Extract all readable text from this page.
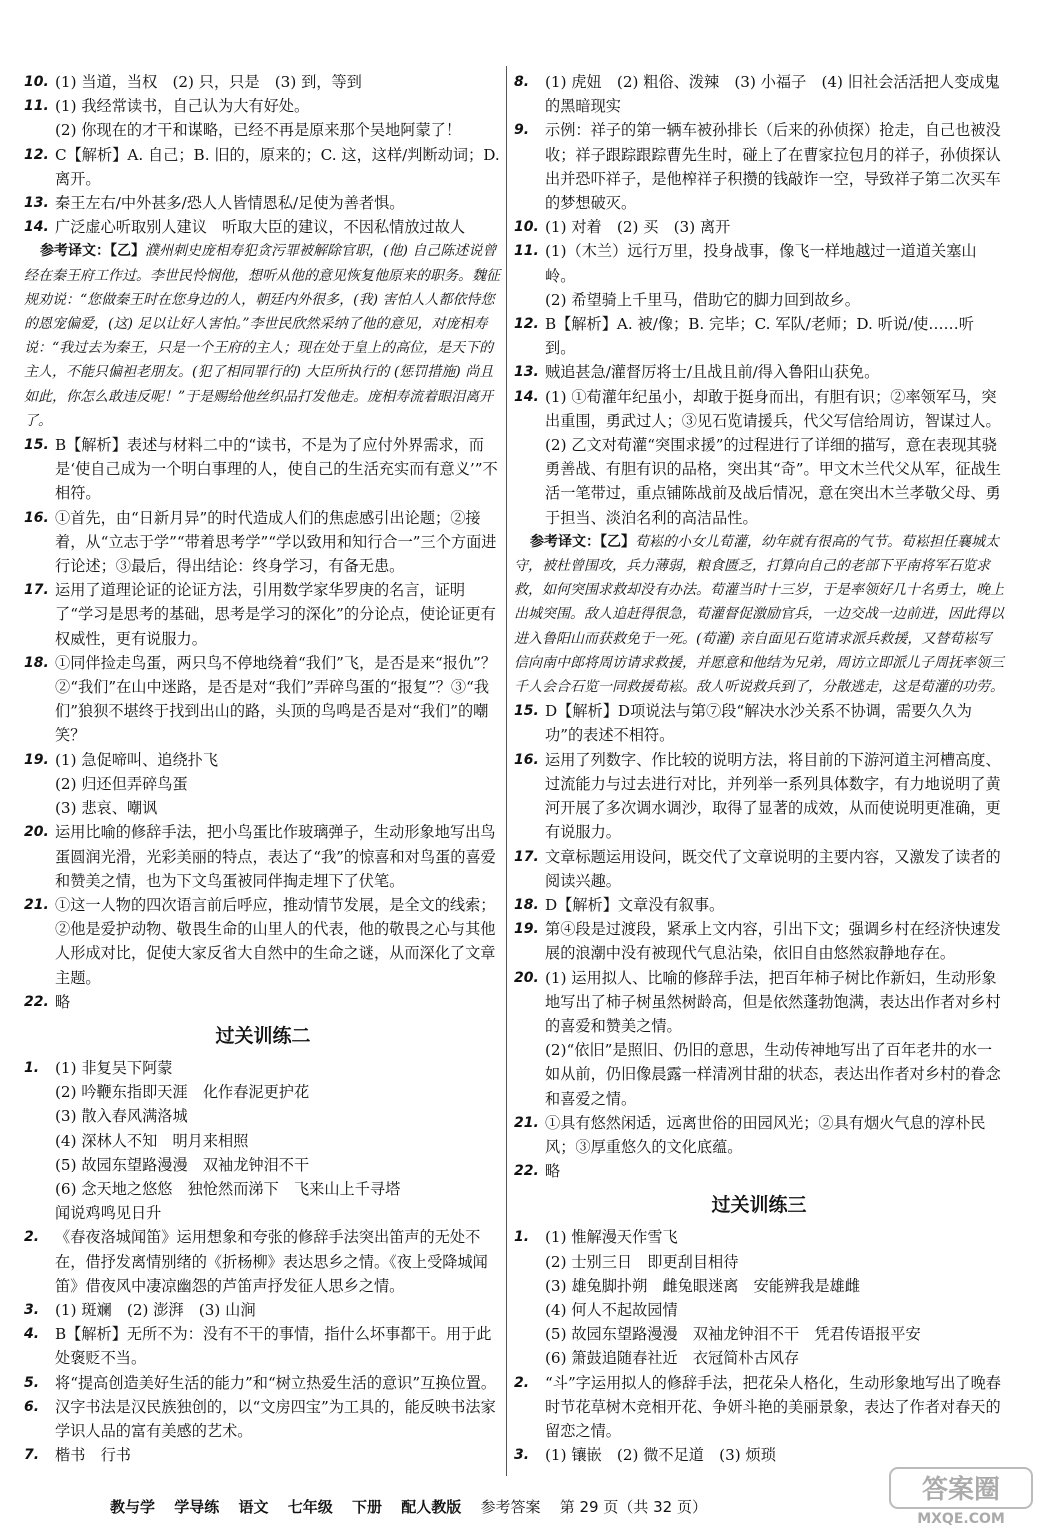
10. (1) 当道，当权　(2) 只，只是　(3) 到，等到
11. (1) 我经常读书，自己认为大有好处。
(2) 你现在的才干和谋略，已经不再是原来那个吴地阿蒙了！
12. C【解析】A. 自己；B. 旧的，原来的；C. 这，这样/判断动词；D. 离开。
13. 秦王左右/中外甚多/恐人人皆情恩私/足使为善者惧。
14. 广泛虚心听取别人建议　听取大臣的建议，不因私情放过故人
参考译文：【乙】濮州刺史庞相寿犯贪污罪被解除官职，(他) 自己陈述说曾经在秦王府工作过。李世民怜悯他，想听从他的意见恢复他原来的职务。魏征规劝说：“您做秦王时在您身边的人，朝廷内外很多，(我) 害怕人人都依恃您的恩宠偏爱，(这) 足以让好人害怕。”李世民欣然采纳了他的意见，对庞相寿说：“我过去为秦王，只是一个王府的主人；现在处于皇上的高位，是天下的主人，不能只偏袒老朋友。(犯了相同罪行的) 大臣所执行的 (惩罚措施) 尚且如此，你怎么敢违反呢！”于是赐给他丝织品打发他走。庞相寿流着眼泪离开了。
15. B【解析】表述与材料二中的“读书，不是为了应付外界需求，而是‘使自己成为一个明白事理的人，使自己的生活充实而有意义’”不相符。
16. ①首先，由“日新月异”的时代造成人们的焦虑感引出论题；②接着，从“立志于学”“带着思考学”“学以致用和知行合一”三个方面进行论述；③最后，得出结论：终身学习，有备无患。
17. 运用了道理论证的论证方法，引用数学家华罗庚的名言，证明了“学习是思考的基础，思考是学习的深化”的分论点，使论证更有权威性，更有说服力。
18. ①同伴捡走鸟蛋，两只鸟不停地绕着“我们”飞，是否是来“报仇”？②“我们”在山中迷路，是否是对“我们”弄碎鸟蛋的“报复”？③“我们”狼狈不堪终于找到出山的路，头顶的鸟鸣是否是对“我们”的嘲笑？
19. (1) 急促啼叫、追绕扑飞
(2) 归还但弄碎鸟蛋
(3) 悲哀、嘲讽
20. 运用比喻的修辞手法，把小鸟蛋比作玻璃弹子，生动形象地写出鸟蛋圆润光滑，光彩美丽的特点，表达了“我”的惊喜和对鸟蛋的喜爱和赞美之情，也为下文鸟蛋被同伴掏走埋下了伏笔。
21. ①这一人物的四次语言前后呼应，推动情节发展，是全文的线索；②他是爱护动物、敬畏生命的山里人的代表，他的敬畏之心与其他人形成对比，促使大家反省大自然中的生命之谜，从而深化了文章主题。
22. 略
过关训练二
1.	(1) 非复吴下阿蒙
(2) 吟鞭东指即天涯　化作春泥更护花
(3) 散入春风满洛城
(4) 深林人不知　明月来相照
(5) 故园东望路漫漫　双袖龙钟泪不干
(6) 念天地之悠悠　独怆然而涕下　飞来山上千寻塔
闻说鸡鸣见日升
2.	《春夜洛城闻笛》运用想象和夸张的修辞手法突出笛声的无处不在，借抒发离情别绪的《折杨柳》表达思乡之情。《夜上受降城闻笛》借夜风中凄凉幽怨的芦笛声抒发征人思乡之情。
3.	(1) 斑斓　(2) 澎湃　(3) 山涧
4.	B【解析】无所不为：没有不干的事情，指什么坏事都干。用于此处褒贬不当。
5.	将“提高创造美好生活的能力”和“树立热爱生活的意识”互换位置。
6.	汉字书法是汉民族独创的，以“文房四宝”为工具的，能反映书法家学识人品的富有美感的艺术。
7.	楷书　行书
8.	(1) 虎妞　(2) 粗俗、泼辣　(3) 小福子　(4) 旧社会活活把人变成鬼的黑暗现实
9.	示例：祥子的第一辆车被孙排长（后来的孙侦探）抢走，自己也被没收；祥子跟踪跟踪曹先生时，碰上了在曹家拉包月的祥子，孙侦探认出并恐吓祥子，是他榨祥子积攒的钱敲诈一空，导致祥子第二次买车的梦想破灭。
10. (1) 对着　(2) 买　(3) 离开
11. (1)（木兰）远行万里，投身战事，像飞一样地越过一道道关塞山岭。
(2) 希望骑上千里马，借助它的脚力回到故乡。
12. B【解析】A. 被/像；B. 完毕；C. 军队/老师；D. 听说/使……听到。
13. 贼追甚急/灌督厉将士/且战且前/得入鲁阳山获免。
14. (1) ①荀灌年纪虽小，却敢于挺身而出，有胆有识；②率领军马，突出重围，勇武过人；③见石览请援兵，代父写信给周访，智谋过人。
(2) 乙文对荀灌“突围求援”的过程进行了详细的描写，意在表现其骁勇善战、有胆有识的品格，突出其“奇”。甲文木兰代父从军，征战生活一笔带过，重点铺陈战前及战后情况，意在突出木兰孝敬父母、勇于担当、淡泊名利的高洁品性。
参考译文：【乙】荀崧的小女儿荀灌，幼年就有很高的气节。荀崧担任襄城太守，被杜曾围攻，兵力薄弱，粮食匮乏，打算向自己的老部下平南将军石览求救，如何突围求救却没有办法。荀灌当时十三岁，于是率领好几十名勇士，晚上出城突围。敌人追赶得很急，荀灌督促激励官兵，一边交战一边前进，因此得以进入鲁阳山而获救免于一死。(荀灌) 亲自面见石览请求派兵救援，又替荀崧写信向南中郎将周访请求救援，并愿意和他结为兄弟，周访立即派儿子周抚率领三千人会合石览一同救援荀崧。敌人听说救兵到了，分散逃走，这是荀灌的功劳。
15. D【解析】D项说法与第⑦段“解决水沙关系不协调，需要久久为功”的表述不相符。
16. 运用了列数字、作比较的说明方法，将目前的下游河道主河槽高度、过流能力与过去进行对比，并列举一系列具体数字，有力地说明了黄河开展了多次调水调沙，取得了显著的成效，从而使说明更准确，更有说服力。
17. 文章标题运用设问，既交代了文章说明的主要内容，又激发了读者的阅读兴趣。
18. D【解析】文章没有叙事。
19. 第④段是过渡段，紧承上文内容，引出下文；强调乡村在经济快速发展的浪潮中没有被现代气息沾染，依旧自由悠然寂静地存在。
20. (1) 运用拟人、比喻的修辞手法，把百年柿子树比作新妇，生动形象地写出了柿子树虽然树龄高，但是依然蓬勃饱满，表达出作者对乡村的喜爱和赞美之情。
(2)“依旧”是照旧、仍旧的意思，生动传神地写出了百年老井的水一如从前，仍旧像晨露一样清冽甘甜的状态，表达出作者对乡村的眷念和喜爱之情。
21. ①具有悠然闲适，远离世俗的田园风光；②具有烟火气息的淳朴民风；③厚重悠久的文化底蕴。
22. 略
过关训练三
1.	(1) 惟解漫天作雪飞
(2) 士别三日　即更刮目相待
(3) 雄兔脚扑朔　雌兔眼迷离　安能辨我是雄雌
(4) 何人不起故园情
(5) 故园东望路漫漫　双袖龙钟泪不干　凭君传语报平安
(6) 箫鼓追随春社近　衣冠简朴古风存
2.	“斗”字运用拟人的修辞手法，把花朵人格化，生动形象地写出了晚春时节花草树木竞相开花、争妍斗艳的美丽景象，表达了作者对春天的留恋之情。
3.	(1) 镶嵌　(2) 微不足道　(3) 烦琐
教与学 学导练 语文 七年级 下册 配人教版 参考答案 第 29 页（共 32 页）
答案圈
MXQE.COM
